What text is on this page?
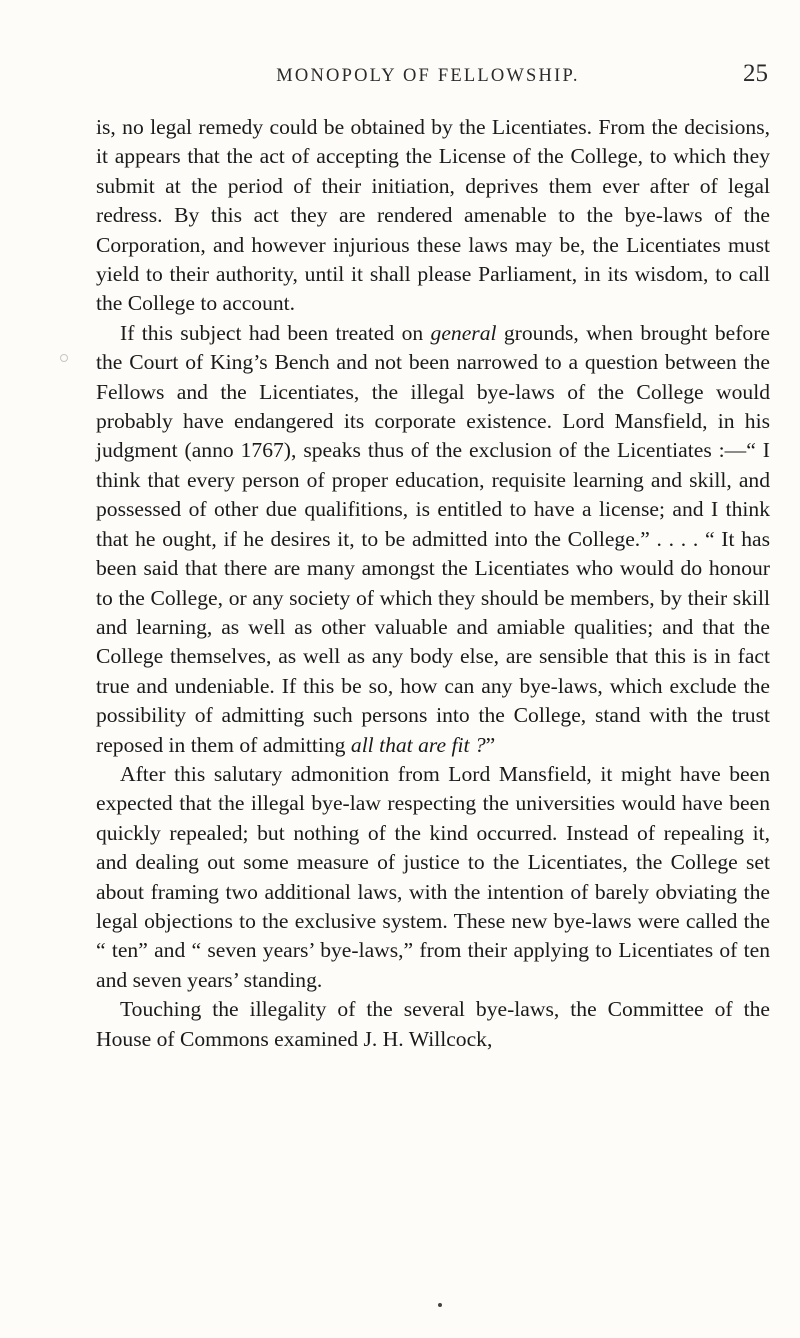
MONOPOLY OF FELLOWSHIP.	25

is, no legal remedy could be obtained by the Licentiates. From the decisions, it appears that the act of accepting the License of the College, to which they submit at the period of their initiation, deprives them ever after of legal redress. By this act they are rendered amenable to the bye-laws of the Corporation, and however injurious these laws may be, the Licentiates must yield to their authority, until it shall please Parliament, in its wisdom, to call the College to account.

If this subject had been treated on general grounds, when brought before the Court of King’s Bench and not been narrowed to a question between the Fellows and the Licentiates, the illegal bye-laws of the College would probably have endangered its corporate existence. Lord Mansfield, in his judgment (anno 1767), speaks thus of the exclusion of the Licentiates :—“ I think that every person of proper education, requisite learning and skill, and possessed of other due qualifitions, is entitled to have a license; and I think that he ought, if he desires it, to be admitted into the College.” . . . . “ It has been said that there are many amongst the Licentiates who would do honour to the College, or any society of which they should be members, by their skill and learning, as well as other valuable and amiable qualities; and that the College themselves, as well as any body else, are sensible that this is in fact true and undeniable. If this be so, how can any bye-laws, which exclude the possibility of admitting such persons into the College, stand with the trust reposed in them of admitting all that are fit ?”

After this salutary admonition from Lord Mansfield, it might have been expected that the illegal bye-law respecting the universities would have been quickly repealed; but nothing of the kind occurred. Instead of repealing it, and dealing out some measure of justice to the Licentiates, the College set about framing two additional laws, with the intention of barely obviating the legal objections to the exclusive system. These new bye-laws were called the “ ten” and “ seven years’ bye-laws,” from their applying to Licentiates of ten and seven years’ standing.

Touching the illegality of the several bye-laws, the Committee of the House of Commons examined J. H. Willcock,
